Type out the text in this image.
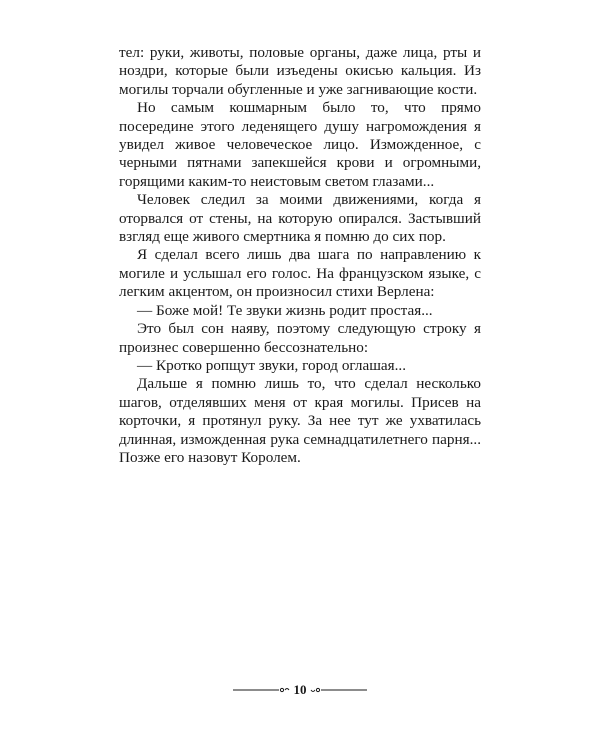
тел: руки, животы, половые органы, даже лица, рты и ноздри, которые были изъедены окисью кальция. Из могилы торчали обугленные и уже загнивающие кости.

Но самым кошмарным было то, что прямо посередине этого леденящего душу нагромождения я увидел живое человеческое лицо. Изможденное, с черными пятнами запекшейся крови и огромными, горящими каким-то неистовым светом глазами...

Человек следил за моими движениями, когда я оторвался от стены, на которую опирался. Застывший взгляд еще живого смертника я помню до сих пор.

Я сделал всего лишь два шага по направлению к могиле и услышал его голос. На французском языке, с легким акцентом, он произносил стихи Верлена:

— Боже мой! Те звуки жизнь родит простая...

Это был сон наяву, поэтому следующую строку я произнес совершенно бессознательно:

— Кротко ропщут звуки, город оглашая...

Дальше я помню лишь то, что сделал несколько шагов, отделявших меня от края могилы. Присев на корточки, я протянул руку. За нее тут же ухватилась длинная, изможденная рука семнадцатилетнего парня... Позже его назовут Королем.

10
